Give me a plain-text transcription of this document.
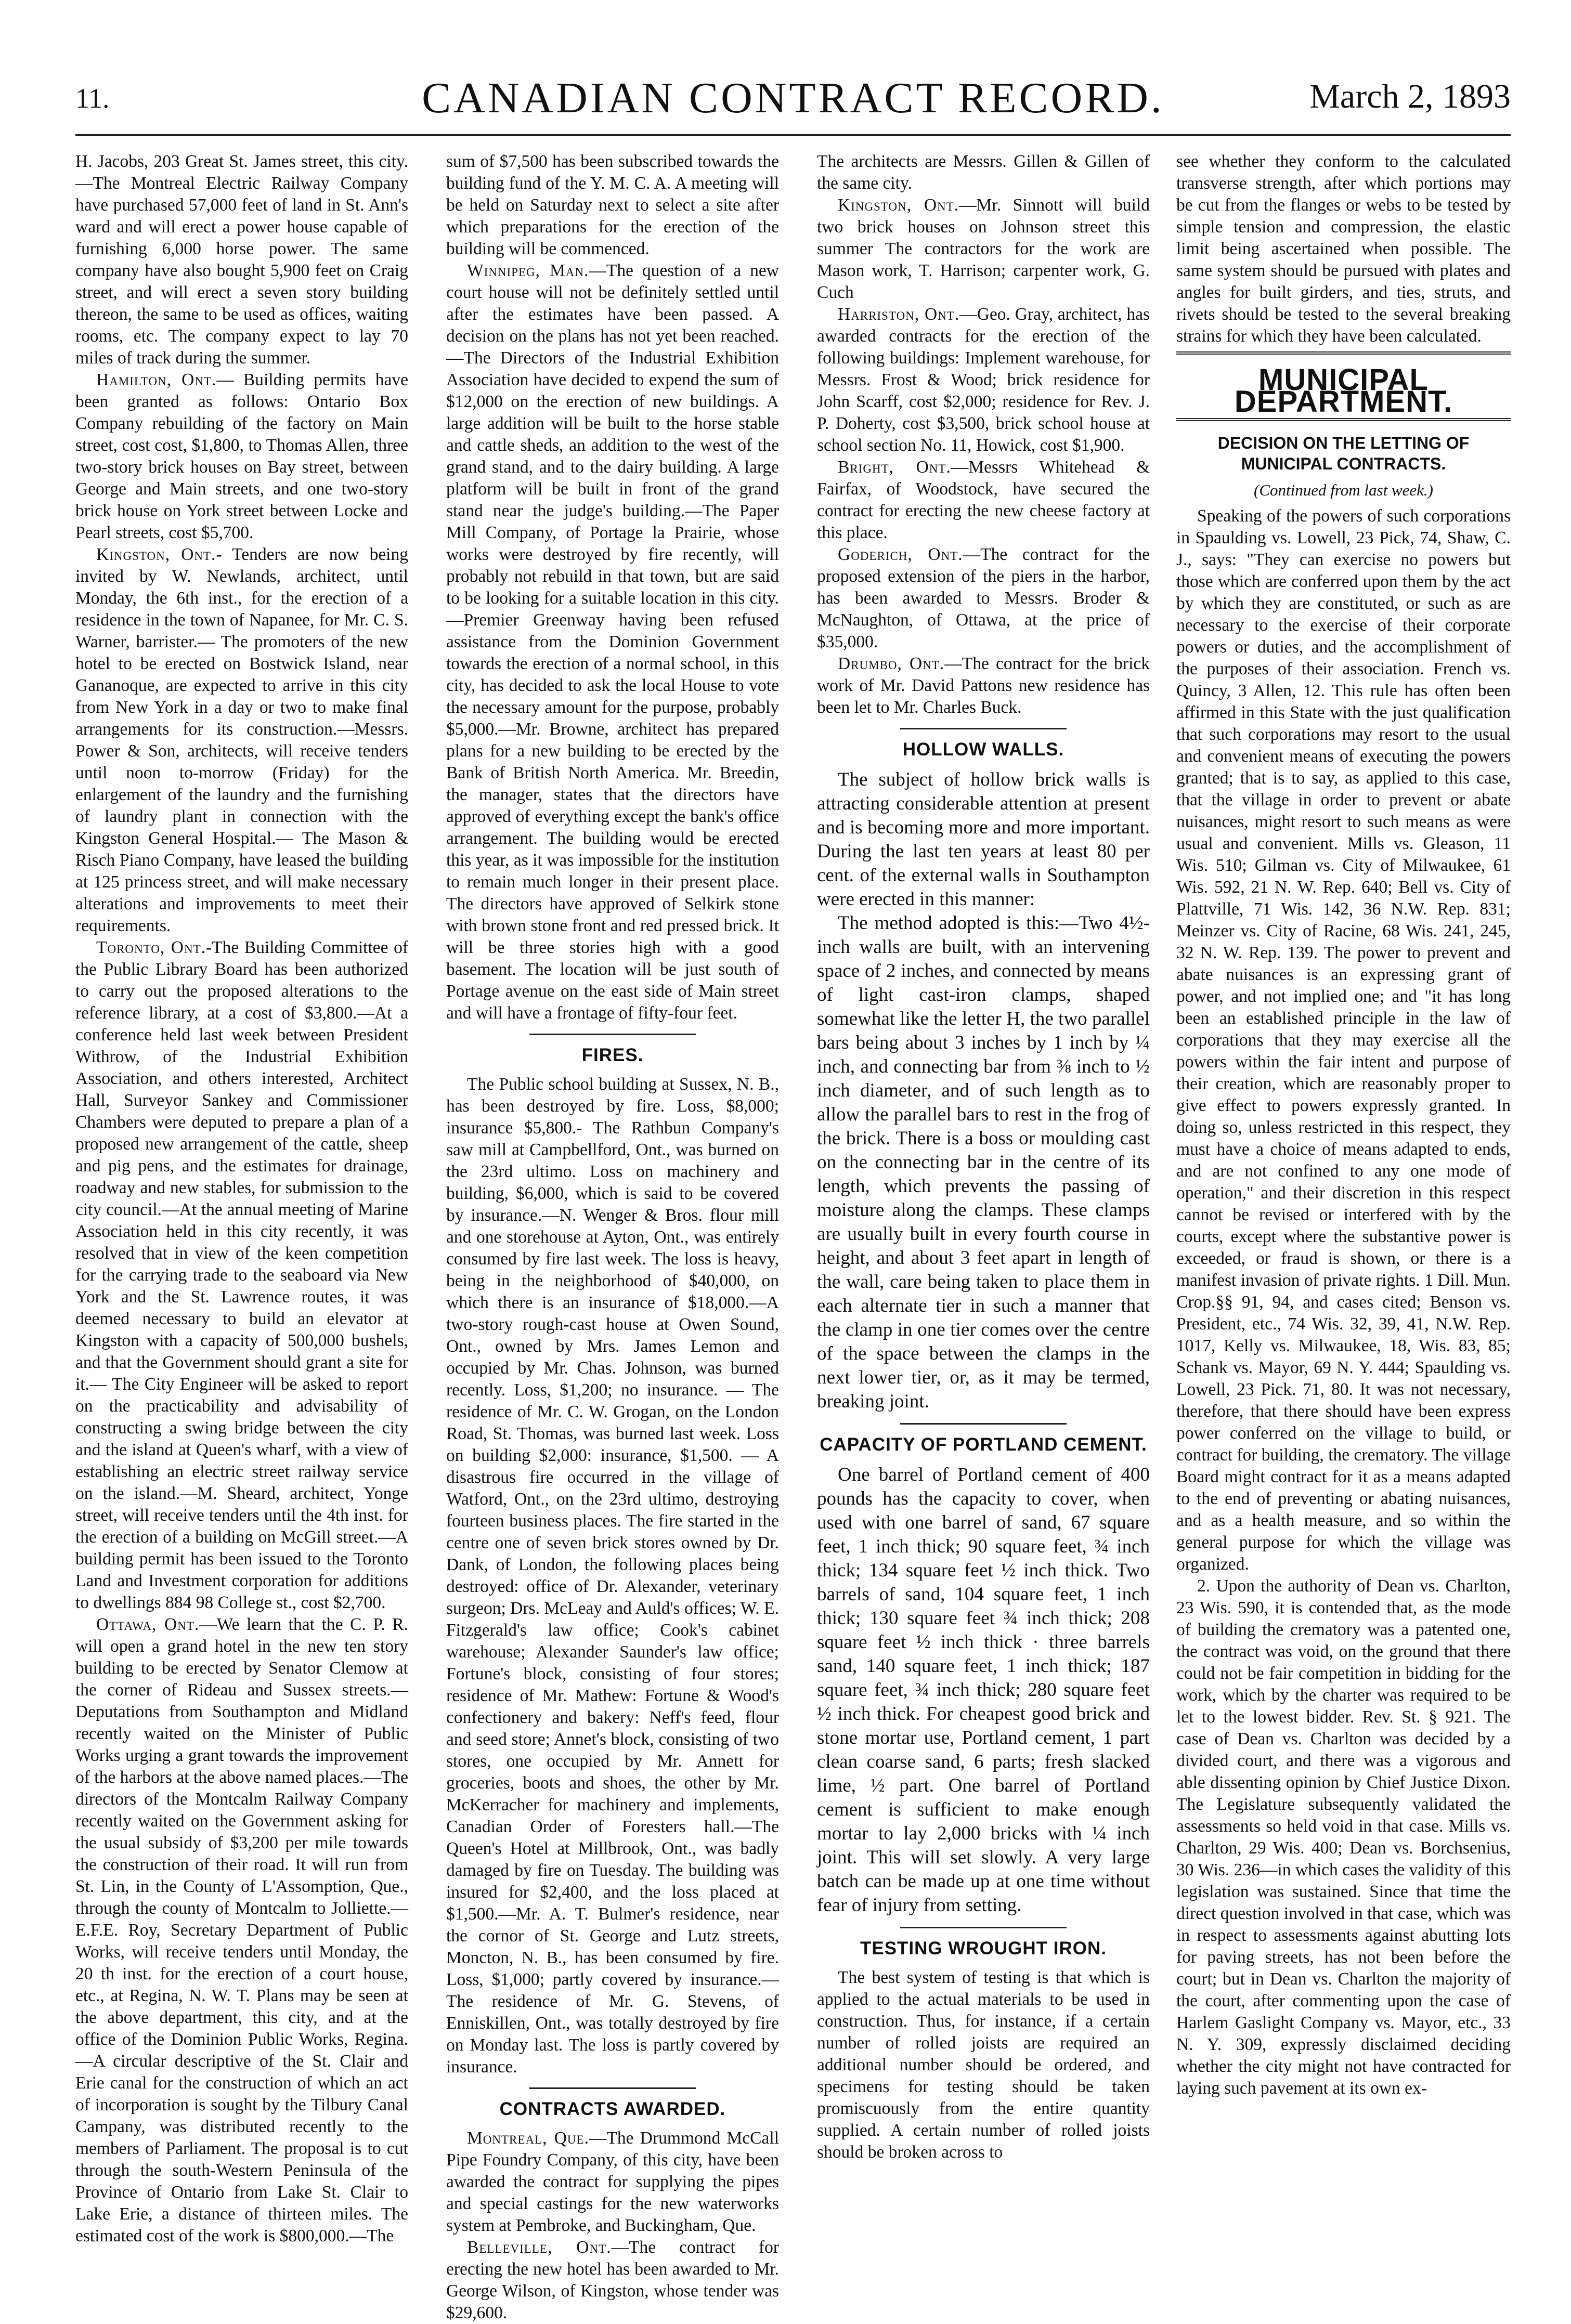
11.	CANADIAN CONTRACT RECORD.	March 2, 1893

H. Jacobs, 203 Great St. James street, this city. —The Montreal Electric Railway Company have purchased 57,000 feet of land in St. Ann's ward and will erect a power house capable of furnishing 6,000 horse power. The same company have also bought 5,900 feet on Craig street, and will erect a seven story building thereon, the same to be used as offices, waiting rooms, etc. The company expect to lay 70 miles of track during the summer.

Hamilton, Ont.— Building permits have been granted as follows: Ontario Box Company rebuilding of the factory on Main street, cost cost, $1,800, to Thomas Allen, three two-story brick houses on Bay street, between George and Main streets, and one two-story brick house on York street between Locke and Pearl streets, cost $5,700.

Kingston, Ont.- Tenders are now being invited by W. Newlands, architect, until Monday, the 6th inst., for the erection of a residence in the town of Napanee, for Mr. C. S. Warner, barrister.— The promoters of the new hotel to be erected on Bostwick Island, near Gananoque, are expected to arrive in this city from New York in a day or two to make final arrangements for its construction.—Messrs. Power & Son, architects, will receive tenders until noon to-morrow (Friday) for the enlargement of the laundry and the furnishing of laundry plant in connection with the Kingston General Hospital.— The Mason & Risch Piano Company, have leased the building at 125 princess street, and will make necessary alterations and improvements to meet their requirements.

Toronto, Ont.-The Building Committee of the Public Library Board has been authorized to carry out the proposed alterations to the reference library, at a cost of $3,800.—At a conference held last week between President Withrow, of the Industrial Exhibition Association, and others interested, Architect Hall, Surveyor Sankey and Commissioner Chambers were deputed to prepare a plan of a proposed new arrangement of the cattle, sheep and pig pens, and the estimates for drainage, roadway and new stables, for submission to the city council.—At the annual meeting of Marine Association held in this city recently, it was resolved that in view of the keen competition for the carrying trade to the seaboard via New York and the St. Lawrence routes, it was deemed necessary to build an elevator at Kingston with a capacity of 500,000 bushels, and that the Government should grant a site for it.— The City Engineer will be asked to report on the practicability and advisability of constructing a swing bridge between the city and the island at Queen's wharf, with a view of establishing an electric street railway service on the island.—M. Sheard, architect, Yonge street, will receive tenders until the 4th inst. for the erection of a building on McGill street.—A building permit has been issued to the Toronto Land and Investment corporation for additions to dwellings 884 98 College st., cost $2,700.

Ottawa, Ont.—We learn that the C. P. R. will open a grand hotel in the new ten story building to be erected by Senator Clemow at the corner of Rideau and Sussex streets.—Deputations from Southampton and Midland recently waited on the Minister of Public Works urging a grant towards the improvement of the harbors at the above named places.—The directors of the Montcalm Railway Company recently waited on the Government asking for the usual subsidy of $3,200 per mile towards the construction of their road. It will run from St. Lin, in the County of L'Assomption, Que., through the county of Montcalm to Jolliette.—E.F.E. Roy, Secretary Department of Public Works, will receive tenders until Monday, the 20 th inst. for the erection of a court house, etc., at Regina, N. W. T. Plans may be seen at the above department, this city, and at the office of the Dominion Public Works, Regina.—A circular descriptive of the St. Clair and Erie canal for the construction of which an act of incorporation is sought by the Tilbury Canal Campany, was distributed recently to the members of Parliament. The proposal is to cut through the south-Western Peninsula of the Province of Ontario from Lake St. Clair to Lake Erie, a distance of thirteen miles. The estimated cost of the work is $800,000.—The

sum of $7,500 has been subscribed towards the building fund of the Y. M. C. A. A meeting will be held on Saturday next to select a site after which preparations for the erection of the building will be commenced.

Winnipeg, Man.—The question of a new court house will not be definitely settled until after the estimates have been passed. A decision on the plans has not yet been reached.—The Directors of the Industrial Exhibition Association have decided to expend the sum of $12,000 on the erection of new buildings. A large addition will be built to the horse stable and cattle sheds, an addition to the west of the grand stand, and to the dairy building. A large platform will be built in front of the grand stand near the judge's building.—The Paper Mill Company, of Portage la Prairie, whose works were destroyed by fire recently, will probably not rebuild in that town, but are said to be looking for a suitable location in this city.—Premier Greenway having been refused assistance from the Dominion Government towards the erection of a normal school, in this city, has decided to ask the local House to vote the necessary amount for the purpose, probably $5,000.—Mr. Browne, architect has prepared plans for a new building to be erected by the Bank of British North America. Mr. Breedin, the manager, states that the directors have approved of everything except the bank's office arrangement. The building would be erected this year, as it was impossible for the institution to remain much longer in their present place. The directors have approved of Selkirk stone with brown stone front and red pressed brick. It will be three stories high with a good basement. The location will be just south of Portage avenue on the east side of Main street and will have a frontage of fifty-four feet.

FIRES.

The Public school building at Sussex, N. B., has been destroyed by fire. Loss, $8,000; insurance $5,800.- The Rathbun Company's saw mill at Campbellford, Ont., was burned on the 23rd ultimo. Loss on machinery and building, $6,000, which is said to be covered by insurance.—N. Wenger & Bros. flour mill and one storehouse at Ayton, Ont., was entirely consumed by fire last week. The loss is heavy, being in the neighborhood of $40,000, on which there is an insurance of $18,000.—A two-story rough-cast house at Owen Sound, Ont., owned by Mrs. James Lemon and occupied by Mr. Chas. Johnson, was burned recently. Loss, $1,200; no insurance. — The residence of Mr. C. W. Grogan, on the London Road, St. Thomas, was burned last week. Loss on building $2,000: insurance, $1,500. — A disastrous fire occurred in the village of Watford, Ont., on the 23rd ultimo, destroying fourteen business places. The fire started in the centre one of seven brick stores owned by Dr. Dank, of London, the following places being destroyed: office of Dr. Alexander, veterinary surgeon; Drs. McLeay and Auld's offices; W. E. Fitzgerald's law office; Cook's cabinet warehouse; Alexander Saunder's law office; Fortune's block, consisting of four stores; residence of Mr. Mathew: Fortune & Wood's confectionery and bakery: Neff's feed, flour and seed store; Annet's block, consisting of two stores, one occupied by Mr. Annett for groceries, boots and shoes, the other by Mr. McKerracher for machinery and implements, Canadian Order of Foresters hall.—The Queen's Hotel at Millbrook, Ont., was badly damaged by fire on Tuesday. The building was insured for $2,400, and the loss placed at $1,500.—Mr. A. T. Bulmer's residence, near the cornor of St. George and Lutz streets, Moncton, N. B., has been consumed by fire. Loss, $1,000; partly covered by insurance.—The residence of Mr. G. Stevens, of Enniskillen, Ont., was totally destroyed by fire on Monday last. The loss is partly covered by insurance.

CONTRACTS AWARDED.

Montreal, Que.—The Drummond McCall Pipe Foundry Company, of this city, have been awarded the contract for supplying the pipes and special castings for the new waterworks system at Pembroke, and Buckingham, Que.

Belleville, Ont.—The contract for erecting the new hotel has been awarded to Mr. George Wilson, of Kingston, whose tender was $29,600.

The architects are Messrs. Gillen & Gillen of the same city.

Kingston, Ont.—Mr. Sinnott will build two brick houses on Johnson street this summer The contractors for the work are Mason work, T. Harrison; carpenter work, G. Cuch

Harriston, Ont.—Geo. Gray, architect, has awarded contracts for the erection of the following buildings: Implement warehouse, for Messrs. Frost & Wood; brick residence for John Scarff, cost $2,000; residence for Rev. J. P. Doherty, cost $3,500, brick school house at school section No. 11, Howick, cost $1,900.

Bright, Ont.—Messrs Whitehead & Fairfax, of Woodstock, have secured the contract for erecting the new cheese factory at this place.

Goderich, Ont.—The contract for the proposed extension of the piers in the harbor, has been awarded to Messrs. Broder & McNaughton, of Ottawa, at the price of $35,000.

Drumbo, Ont.—The contract for the brick work of Mr. David Pattons new residence has been let to Mr. Charles Buck.

HOLLOW WALLS.

The subject of hollow brick walls is attracting considerable attention at present and is becoming more and more important. During the last ten years at least 80 per cent. of the external walls in Southampton were erected in this manner:

The method adopted is this:—Two 4½-inch walls are built, with an intervening space of 2 inches, and connected by means of light cast-iron clamps, shaped somewhat like the letter H, the two parallel bars being about 3 inches by 1 inch by ¼ inch, and connecting bar from ⅜ inch to ½ inch diameter, and of such length as to allow the parallel bars to rest in the frog of the brick. There is a boss or moulding cast on the connecting bar in the centre of its length, which prevents the passing of moisture along the clamps. These clamps are usually built in every fourth course in height, and about 3 feet apart in length of the wall, care being taken to place them in each alternate tier in such a manner that the clamp in one tier comes over the centre of the space between the clamps in the next lower tier, or, as it may be termed, breaking joint.

CAPACITY OF PORTLAND CEMENT.

One barrel of Portland cement of 400 pounds has the capacity to cover, when used with one barrel of sand, 67 square feet, 1 inch thick; 90 square feet, ¾ inch thick; 134 square feet ½ inch thick. Two barrels of sand, 104 square feet, 1 inch thick; 130 square feet ¾ inch thick; 208 square feet ½ inch thick · three barrels sand, 140 square feet, 1 inch thick; 187 square feet, ¾ inch thick; 280 square feet ½ inch thick. For cheapest good brick and stone mortar use, Portland cement, 1 part clean coarse sand, 6 parts; fresh slacked lime, ½ part. One barrel of Portland cement is sufficient to make enough mortar to lay 2,000 bricks with ¼ inch joint. This will set slowly. A very large batch can be made up at one time without fear of injury from setting.

TESTING WROUGHT IRON.

The best system of testing is that which is applied to the actual materials to be used in construction. Thus, for instance, if a certain number of rolled joists are required an additional number should be ordered, and specimens for testing should be taken promiscuously from the entire quantity supplied. A certain number of rolled joists should be broken across to

see whether they conform to the calculated transverse strength, after which portions may be cut from the flanges or webs to be tested by simple tension and compression, the elastic limit being ascertained when possible. The same system should be pursued with plates and angles for built girders, and ties, struts, and rivets should be tested to the several breaking strains for which they have been calculated.

MUNICIPAL DEPARTMENT.
DECISION ON THE LETTING OF MUNICIPAL CONTRACTS.
(Continued from last week.)

Speaking of the powers of such corporations in Spaulding vs. Lowell, 23 Pick, 74, Shaw, C. J., says: "They can exercise no powers but those which are conferred upon them by the act by which they are constituted, or such as are necessary to the exercise of their corporate powers or duties, and the accomplishment of the purposes of their association. French vs. Quincy, 3 Allen, 12. This rule has often been affirmed in this State with the just qualification that such corporations may resort to the usual and convenient means of executing the powers granted; that is to say, as applied to this case, that the village in order to prevent or abate nuisances, might resort to such means as were usual and convenient. Mills vs. Gleason, 11 Wis. 510; Gilman vs. City of Milwaukee, 61 Wis. 592, 21 N. W. Rep. 640; Bell vs. City of Plattville, 71 Wis. 142, 36 N.W. Rep. 831; Meinzer vs. City of Racine, 68 Wis. 241, 245, 32 N. W. Rep. 139. The power to prevent and abate nuisances is an expressing grant of power, and not implied one; and "it has long been an established principle in the law of corporations that they may exercise all the powers within the fair intent and purpose of their creation, which are reasonably proper to give effect to powers expressly granted. In doing so, unless restricted in this respect, they must have a choice of means adapted to ends, and are not confined to any one mode of operation," and their discretion in this respect cannot be revised or interfered with by the courts, except where the substantive power is exceeded, or fraud is shown, or there is a manifest invasion of private rights. 1 Dill. Mun. Crop.§§ 91, 94, and cases cited; Benson vs. President, etc., 74 Wis. 32, 39, 41, N.W. Rep. 1017, Kelly vs. Milwaukee, 18, Wis. 83, 85; Schank vs. Mayor, 69 N. Y. 444; Spaulding vs. Lowell, 23 Pick. 71, 80. It was not necessary, therefore, that there should have been express power conferred on the village to build, or contract for building, the crematory. The village Board might contract for it as a means adapted to the end of preventing or abating nuisances, and as a health measure, and so within the general purpose for which the village was organized.

2. Upon the authority of Dean vs. Charlton, 23 Wis. 590, it is contended that, as the mode of building the crematory was a patented one, the contract was void, on the ground that there could not be fair competition in bidding for the work, which by the charter was required to be let to the lowest bidder. Rev. St. § 921. The case of Dean vs. Charlton was decided by a divided court, and there was a vigorous and able dissenting opinion by Chief Justice Dixon. The Legislature subsequently validated the assessments so held void in that case. Mills vs. Charlton, 29 Wis. 400; Dean vs. Borchsenius, 30 Wis. 236—in which cases the validity of this legislation was sustained. Since that time the direct question involved in that case, which was in respect to assessments against abutting lots for paving streets, has not been before the court; but in Dean vs. Charlton the majority of the court, after commenting upon the case of Harlem Gaslight Company vs. Mayor, etc., 33 N. Y. 309, expressly disclaimed deciding whether the city might not have contracted for laying such pavement at its own ex-
